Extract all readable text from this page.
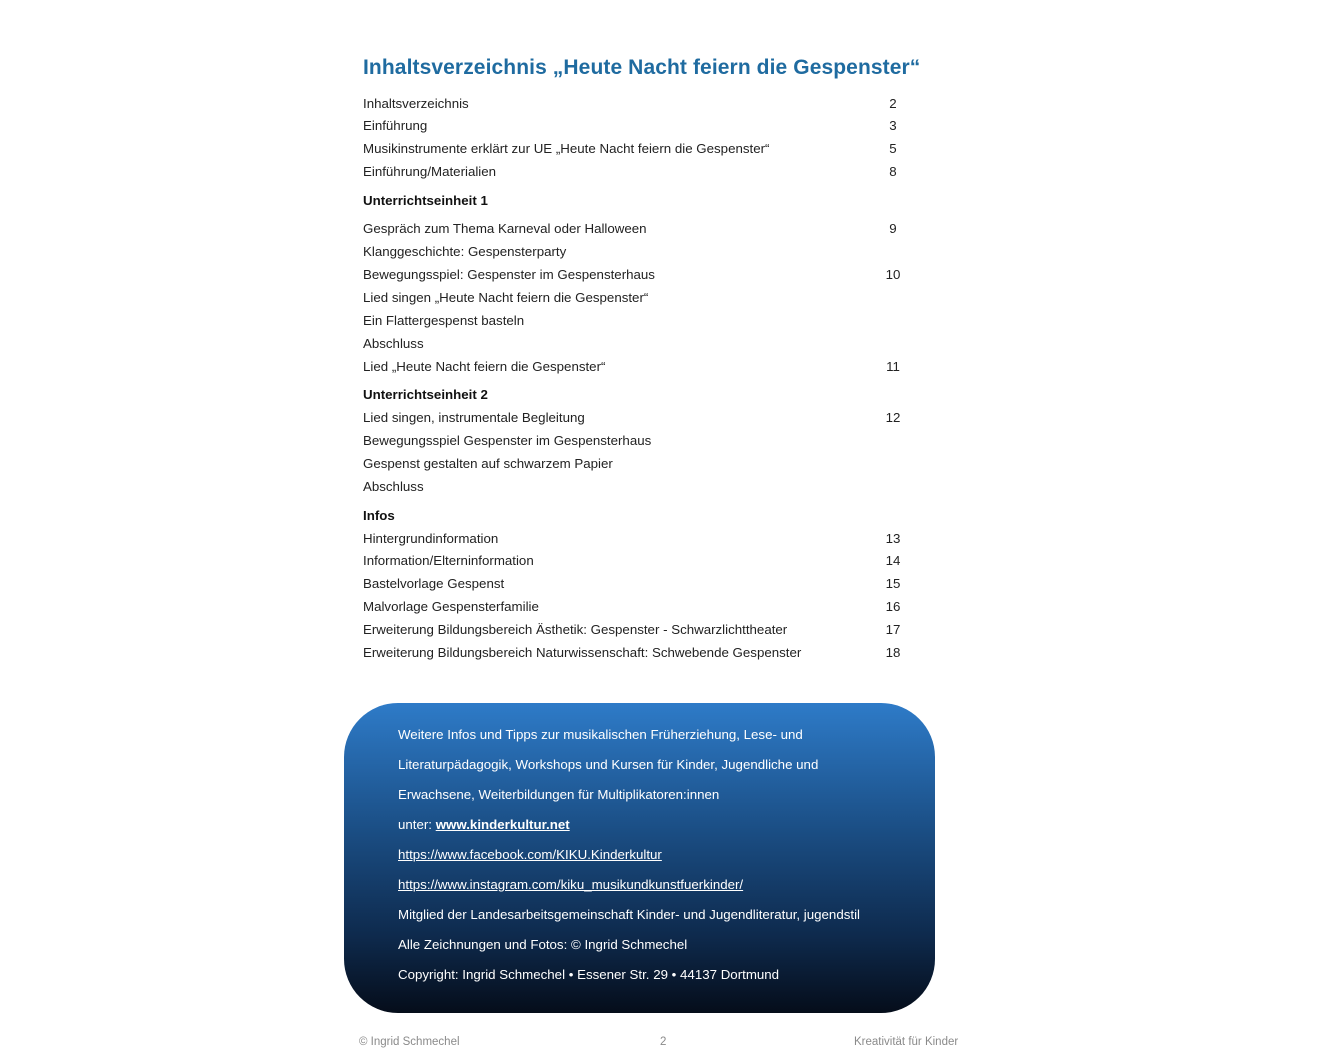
Inhaltsverzeichnis „Heute Nacht feiern die Gespenster“
Inhaltsverzeichnis	2
Einführung	3
Musikinstrumente erklärt zur UE „Heute Nacht feiern die Gespenster“	5
Einführung/Materialien	8
Unterrichtseinheit 1
Gespräch zum Thema Karneval oder Halloween	9
Klanggeschichte: Gespensterparty
Bewegungsspiel: Gespenster im Gespensterhaus	10
Lied singen „Heute Nacht feiern die Gespenster“
Ein Flattergespenst basteln
Abschluss
Lied „Heute Nacht feiern die Gespenster“	11
Unterrichtseinheit 2
Lied singen, instrumentale Begleitung	12
Bewegungsspiel Gespenster im Gespensterhaus
Gespenst gestalten auf schwarzem Papier
Abschluss
Infos
Hintergrundinformation	13
Information/Elterninformation	14
Bastelvorlage Gespenst	15
Malvorlage Gespensterfamilie	16
Erweiterung Bildungsbereich Ästhetik: Gespenster - Schwarzlichttheater	17
Erweiterung Bildungsbereich Naturwissenschaft: Schwebende Gespenster	18
Weitere Infos und Tipps zur musikalischen Früherziehung, Lese- und
Literaturpädagogik, Workshops und Kursen für Kinder, Jugendliche und
Erwachsene, Weiterbildungen für Multiplikatoren:innen
unter: www.kinderkultur.net
https://www.facebook.com/KIKU.Kinderkultur
https://www.instagram.com/kiku_musikundkunstfuerkinder/
Mitglied der Landesarbeitsgemeinschaft Kinder- und Jugendliteratur, jugendstil
Alle Zeichnungen und Fotos: © Ingrid Schmechel
Copyright: Ingrid Schmechel • Essener Str. 29 • 44137 Dortmund
© Ingrid Schmechel	2	Kreativität für Kinder
